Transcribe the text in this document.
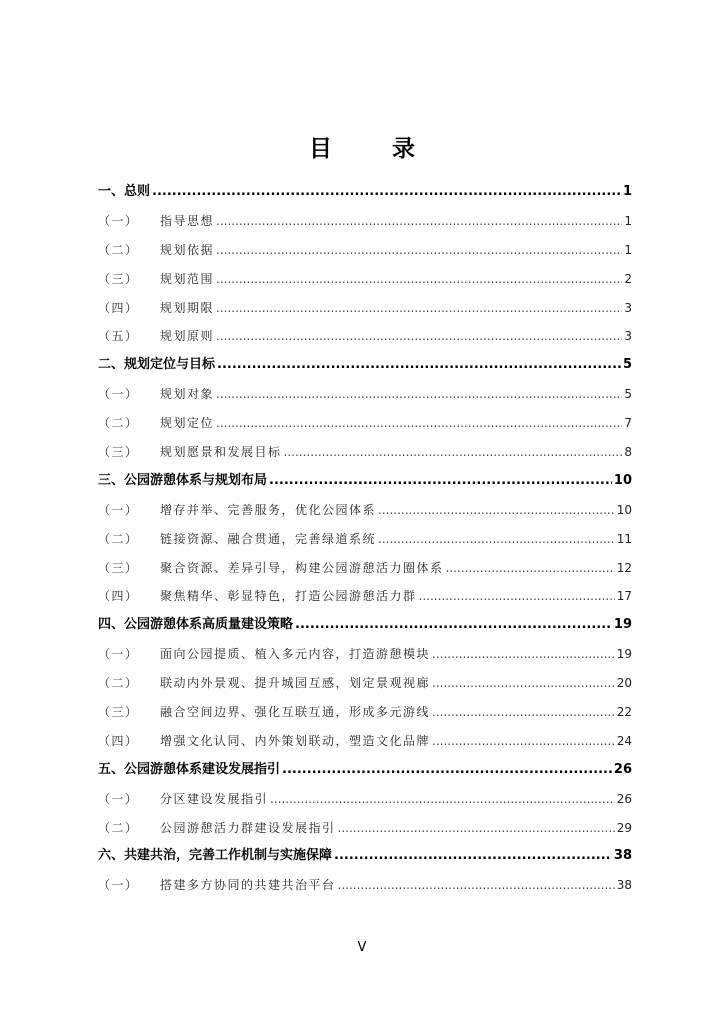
目 录
一、总则 .....	1
（一）	指导思想 .....	1
（二）	规划依据 .....	1
（三）	规划范围 .....	2
（四）	规划期限 .....	3
（五）	规划原则 .....	3
二、规划定位与目标 .....	5
（一）	规划对象 .....	5
（二）	规划定位 .....	7
（三）	规划愿景和发展目标 .....	8
三、公园游憩体系与规划布局 .....	10
（一）	增存并举、完善服务，优化公园体系 .....	10
（二）	链接资源、融合贯通，完善绿道系统 .....	11
（三）	聚合资源、差异引导，构建公园游憩活力圈体系 .....	12
（四）	聚焦精华、彰显特色，打造公园游憩活力群 .....	17
四、公园游憩体系高质量建设策略 .....	19
（一）	面向公园提质、植入多元内容，打造游憩模块 .....	19
（二）	联动内外景观、提升城园互感，划定景观视廊 .....	20
（三）	融合空间边界、强化互联互通，形成多元游线 .....	22
（四）	增强文化认同、内外策划联动，塑造文化品牌 .....	24
五、公园游憩体系建设发展指引 .....	26
（一）	分区建设发展指引 .....	26
（二）	公园游憩活力群建设发展指引 .....	29
六、共建共治，完善工作机制与实施保障 .....	38
（一）	搭建多方协同的共建共治平台 .....	38
V
